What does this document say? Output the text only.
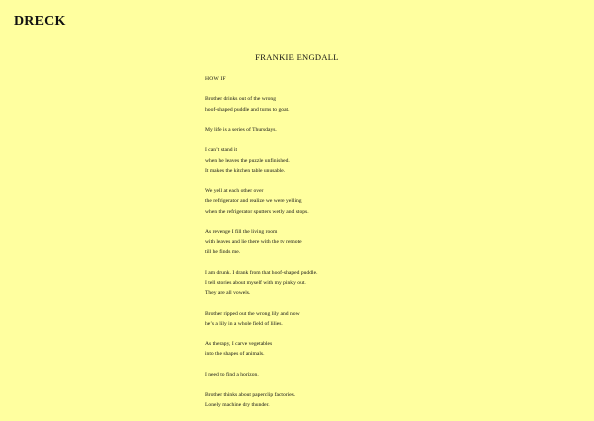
DRECK
FRANKIE ENGDALL
HOW IF
Brother drinks out of the wrong
hoof-shaped puddle and turns to goat.
My life is a series of Thursdays.
I can’t stand it
when he leaves the puzzle unfinished.
It makes the kitchen table unusable.
We yell at each other over
the refrigerator and realize we were yelling
when the refrigerator sputters wetly and stops.
As revenge I fill the living room
with leaves and lie there with the tv remote
till he finds me.
I am drunk. I drank from that hoof-shaped puddle.
I tell stories about myself with my pinky out.
They are all vowels.
Brother ripped out the wrong lily and now
he’s a lily in a whole field of lilies.
As therapy, I carve vegetables
into the shapes of animals.
I need to find a horizon.
Brother thinks about paperclip factories.
Lonely machine dry thunder.
